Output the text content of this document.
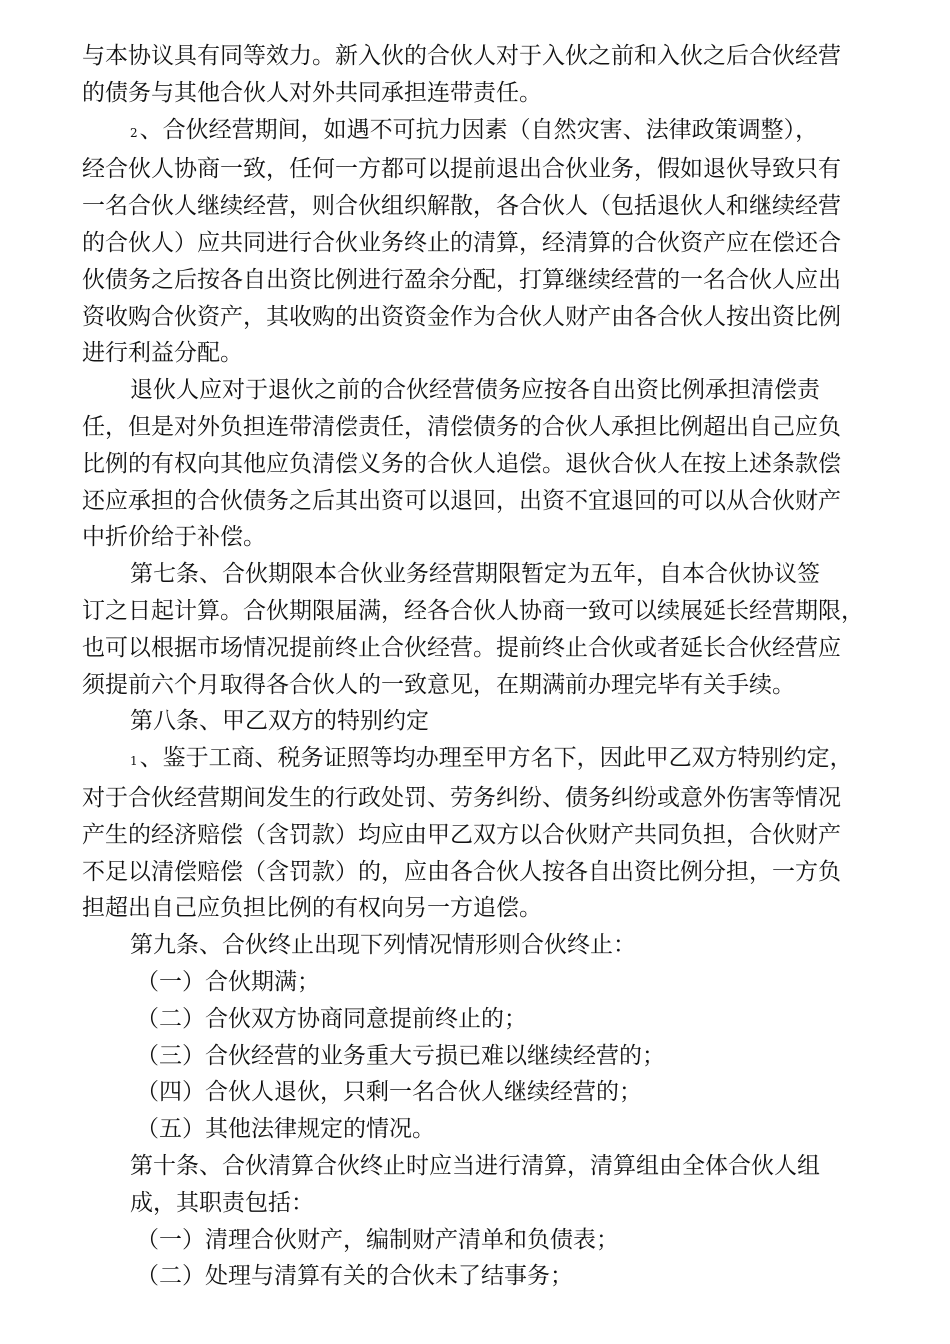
与本协议具有同等效力。新入伙的合伙人对于入伙之前和入伙之后合伙经营
的债务与其他合伙人对外共同承担连带责任。
2、合伙经营期间，如遇不可抗力因素（自然灾害、法律政策调整），
经合伙人协商一致，任何一方都可以提前退出合伙业务，假如退伙导致只有
一名合伙人继续经营，则合伙组织解散，各合伙人（包括退伙人和继续经营
的合伙人）应共同进行合伙业务终止的清算，经清算的合伙资产应在偿还合
伙债务之后按各自出资比例进行盈余分配，打算继续经营的一名合伙人应出
资收购合伙资产，其收购的出资资金作为合伙人财产由各合伙人按出资比例
进行利益分配。
退伙人应对于退伙之前的合伙经营债务应按各自出资比例承担清偿责
任，但是对外负担连带清偿责任，清偿债务的合伙人承担比例超出自己应负
比例的有权向其他应负清偿义务的合伙人追偿。退伙合伙人在按上述条款偿
还应承担的合伙债务之后其出资可以退回，出资不宜退回的可以从合伙财产
中折价给于补偿。
第七条、合伙期限本合伙业务经营期限暂定为五年，自本合伙协议签
订之日起计算。合伙期限届满，经各合伙人协商一致可以续展延长经营期限，
也可以根据市场情况提前终止合伙经营。提前终止合伙或者延长合伙经营应
须提前六个月取得各合伙人的一致意见，在期满前办理完毕有关手续。
第八条、甲乙双方的特别约定
1、鉴于工商、税务证照等均办理至甲方名下，因此甲乙双方特别约定，
对于合伙经营期间发生的行政处罚、劳务纠纷、债务纠纷或意外伤害等情况
产生的经济赔偿（含罚款）均应由甲乙双方以合伙财产共同负担，合伙财产
不足以清偿赔偿（含罚款）的，应由各合伙人按各自出资比例分担，一方负
担超出自己应负担比例的有权向另一方追偿。
第九条、合伙终止出现下列情况情形则合伙终止：
（一）合伙期满；
（二）合伙双方协商同意提前终止的；
（三）合伙经营的业务重大亏损已难以继续经营的；
（四）合伙人退伙，只剩一名合伙人继续经营的；
（五）其他法律规定的情况。
第十条、合伙清算合伙终止时应当进行清算，清算组由全体合伙人组
成，其职责包括：
（一）清理合伙财产，编制财产清单和负债表；
（二）处理与清算有关的合伙未了结事务；
